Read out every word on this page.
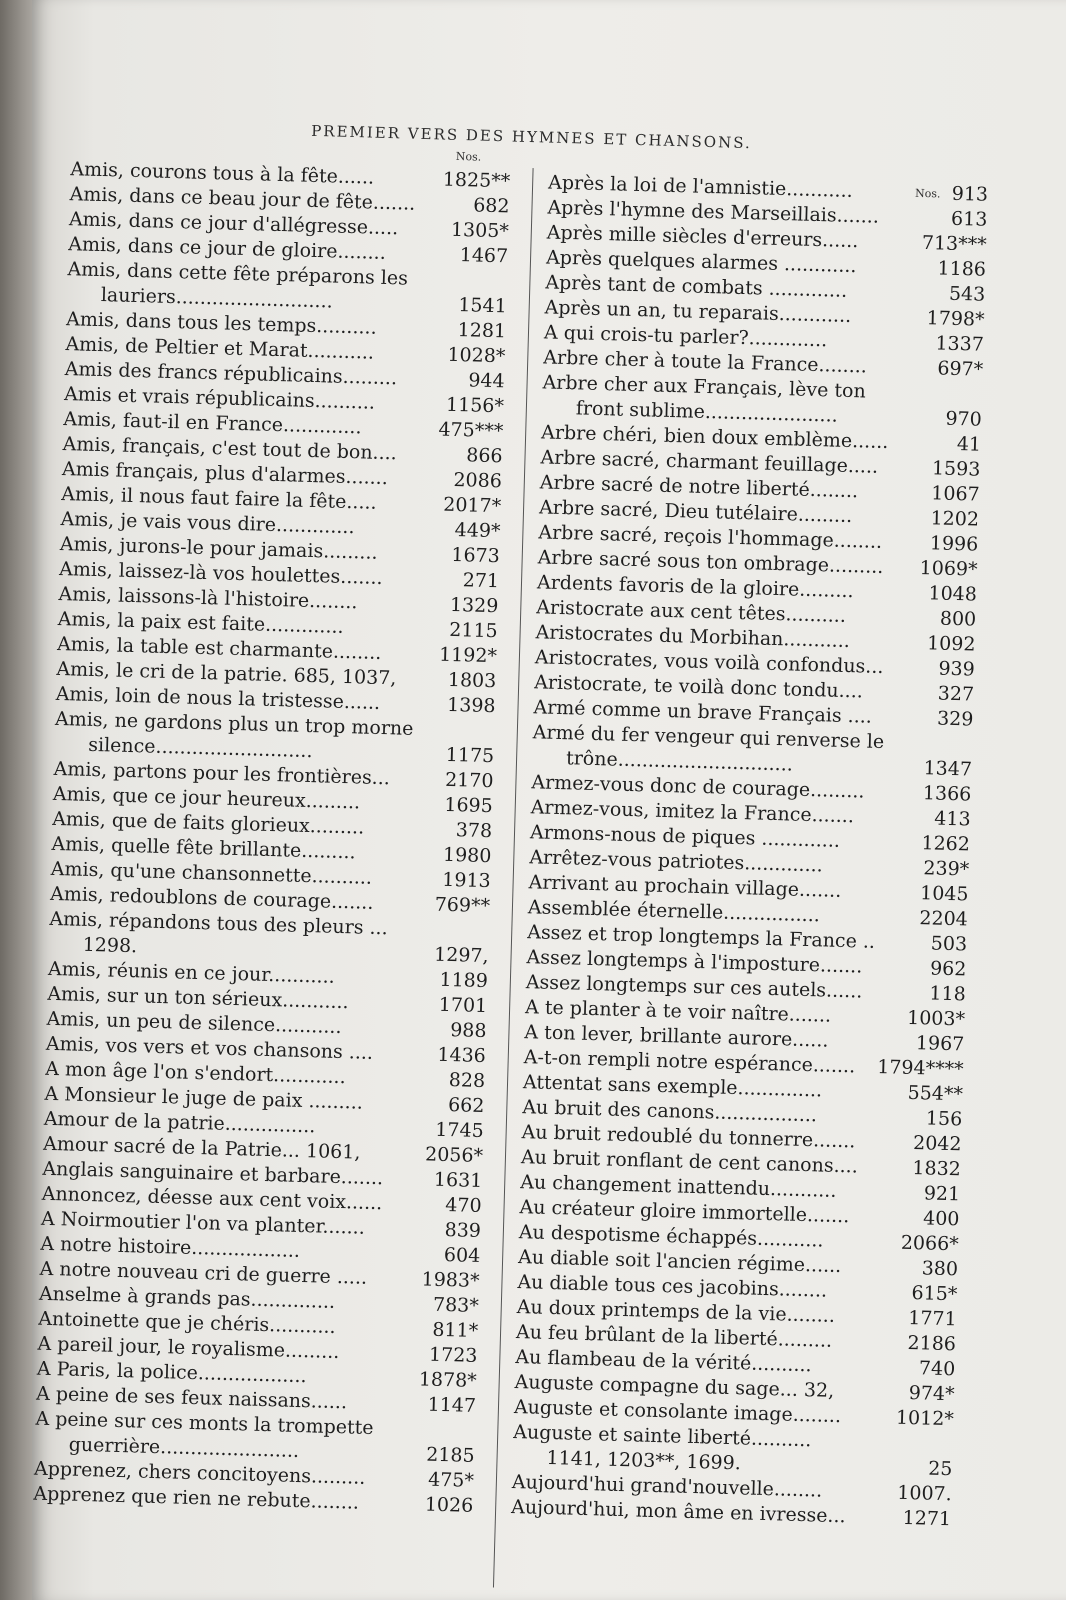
PREMIER VERS DES HYMNES ET CHANSONS.
Nos.
Nos.
Amis, courons tous à la fête......	1825**
Amis, dans ce beau jour de fête.......	682
Amis, dans ce jour d'allégresse.....	1305*
Amis, dans ce jour de gloire........	1467
Amis, dans cette fête préparons les
lauriers..........................	1541
Amis, dans tous les temps..........	1281
Amis, de Peltier et Marat...........	1028*
Amis des francs républicains.........	944
Amis et vrais républicains..........	1156*
Amis, faut-il en France.............	475***
Amis, français, c'est tout de bon....	866
Amis français, plus d'alarmes.......	2086
Amis, il nous faut faire la fête.....	2017*
Amis, je vais vous dire.............	449*
Amis, jurons-le pour jamais.........	1673
Amis, laissez-là vos houlettes.......	271
Amis, laissons-là l'histoire........	1329
Amis, la paix est faite.............	2115
Amis, la table est charmante........	1192*
Amis, le cri de la patrie. 685, 1037,	1803
Amis, loin de nous la tristesse......	1398
Amis, ne gardons plus un trop morne
silence..........................	1175
Amis, partons pour les frontières...	2170
Amis, que ce jour heureux.........	1695
Amis, que de faits glorieux.........	378
Amis, quelle fête brillante.........	1980
Amis, qu'une chansonnette..........	1913
Amis, redoublons de courage.......	769**
Amis, répandons tous des pleurs ...
1298.	1297,
Amis, réunis en ce jour...........	1189
Amis, sur un ton sérieux...........	1701
Amis, un peu de silence...........	988
Amis, vos vers et vos chansons ....	1436
A mon âge l'on s'endort............	828
A Monsieur le juge de paix .........	662
Amour de la patrie...............	1745
Amour sacré de la Patrie... 1061,	2056*
Anglais sanguinaire et barbare.......	1631
Annoncez, déesse aux cent voix......	470
A Noirmoutier l'on va planter.......	839
A notre histoire..................	604
A notre nouveau cri de guerre .....	1983*
Anselme à grands pas..............	783*
Antoinette que je chéris...........	811*
A pareil jour, le royalisme.........	1723
A Paris, la police..................	1878*
A peine de ses feux naissans......	1147
A peine sur ces monts la trompette
guerrière.......................	2185
Apprenez, chers concitoyens.........	475*
Apprenez que rien ne rebute........	1026
Après la loi de l'amnistie...........	913
Après l'hymne des Marseillais.......	613
Après mille siècles d'erreurs......	713***
Après quelques alarmes ............	1186
Après tant de combats .............	543
Après un an, tu reparais............	1798*
A qui crois-tu parler?.............	1337
Arbre cher à toute la France........	697*
Arbre cher aux Français, lève ton
front sublime......................	970
Arbre chéri, bien doux emblème......	41
Arbre sacré, charmant feuillage.....	1593
Arbre sacré de notre liberté........	1067
Arbre sacré, Dieu tutélaire.........	1202
Arbre sacré, reçois l'hommage........ 1996
Arbre sacré sous ton ombrage......... 1069*
Ardents favoris de la gloire.........	1048
Aristocrate aux cent têtes..........	800
Aristocrates du Morbihan...........	1092
Aristocrates, vous voilà confondus...	939
Aristocrate, te voilà donc tondu....	327
Armé comme un brave Français ....	329
Armé du fer vengeur qui renverse le
trône.............................	1347
Armez-vous donc de courage.........	1366
Armez-vous, imitez la France.......	413
Armons-nous de piques .............	1262
Arrêtez-vous patriotes.............	239*
Arrivant au prochain village.......	1045
Assemblée éternelle................	2204
Assez et trop longtemps la France ..	503
Assez longtemps à l'imposture.......	962
Assez longtemps sur ces autels......	118
A te planter à te voir naître.......	1003*
A ton lever, brillante aurore......	1967
A-t-on rempli notre espérance....... 1794****
Attentat sans exemple..............	554**
Au bruit des canons.................	156
Au bruit redoublé du tonnerre.......	2042
Au bruit ronflant de cent canons....	1832
Au changement inattendu...........	921
Au créateur gloire immortelle.......	400
Au despotisme échappés...........	2066*
Au diable soit l'ancien régime......	380
Au diable tous ces jacobins........	615*
Au doux printemps de la vie........	1771
Au feu brûlant de la liberté.........	2186
Au flambeau de la vérité..........	740
Auguste compagne du sage... 32,	974*
Auguste et consolante image........	1012*
Auguste et sainte liberté..........
1141, 1203**, 1699.	25
Aujourd'hui grand'nouvelle........	1007.
Aujourd'hui, mon âme en ivresse...	1271
